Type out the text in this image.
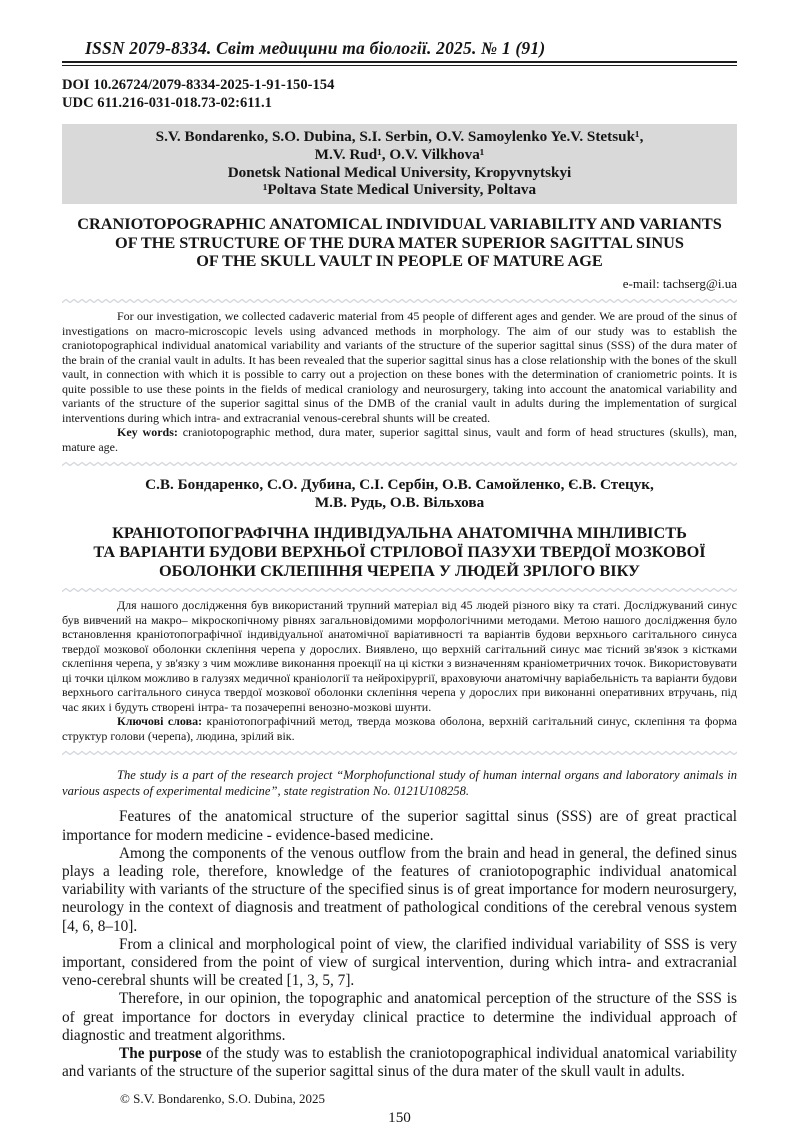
ISSN 2079-8334. Світ медицини та біології. 2025. № 1 (91)
DOI 10.26724/2079-8334-2025-1-91-150-154
UDC 611.216-031-018.73-02:611.1
S.V. Bondarenko, S.O. Dubina, S.I. Serbin, O.V. Samoylenko Ye.V. Stetsuk¹,
M.V. Rud¹, O.V. Vilkhova¹
Donetsk National Medical University, Kropyvnytskyi
¹Poltava State Medical University, Poltava
CRANIOTOPOGRAPHIC ANATOMICAL INDIVIDUAL VARIABILITY AND VARIANTS
OF THE STRUCTURE OF THE DURA MATER SUPERIOR SAGITTAL SINUS
OF THE SKULL VAULT IN PEOPLE OF MATURE AGE
e-mail: tachserg@i.ua

For our investigation, we collected cadaveric material from 45 people of different ages and gender. We are proud of the sinus of investigations on macro-microscopic levels using advanced methods in morphology. The aim of our study was to establish the craniotopographical individual anatomical variability and variants of the structure of the superior sagittal sinus (SSS) of the dura mater of the brain of the cranial vault in adults. It has been revealed that the superior sagittal sinus has a close relationship with the bones of the skull vault, in connection with which it is possible to carry out a projection on these bones with the determination of craniometric points. It is quite possible to use these points in the fields of medical craniology and neurosurgery, taking into account the anatomical variability and variants of the structure of the superior sagittal sinus of the DMB of the cranial vault in adults during the implementation of surgical interventions during which intra- and extracranial venous-cerebral shunts will be created.

Key words: craniotopographic method, dura mater, superior sagittal sinus, vault and form of head structures (skulls), man, mature age.

С.В. Бондаренко, С.О. Дубина, С.І. Сербін, О.В. Самойленко, Є.В. Стецук,
М.В. Рудь, О.В. Вільхова
КРАНІОТОПОГРАФІЧНА ІНДИВІДУАЛЬНА АНАТОМІЧНА МІНЛИВІСТЬ
ТА ВАРІАНТИ БУДОВИ ВЕРХНЬОЇ СТРІЛОВОЇ ПАЗУХИ ТВЕРДОЇ МОЗКОВОЇ
ОБОЛОНКИ СКЛЕПІННЯ ЧЕРЕПА У ЛЮДЕЙ ЗРІЛОГО ВІКУ

Для нашого дослідження був використаний трупний матеріал від 45 людей різного віку та статі. Досліджуваний синус був вивчений на макро– мікроскопічному рівнях загальновідомими морфологічними методами. Метою нашого дослідження було встановлення краніотопографічної індивідуальної анатомічної варіативності та варіантів будови верхнього сагітального синуса твердої мозкової оболонки склепіння черепа у дорослих. Виявлено, що верхній сагітальний синус має тісний зв'язок з кістками склепіння черепа, у зв'язку з чим можливе виконання проекції на ці кістки з визначенням краніометричних точок. Використовувати ці точки цілком можливо в галузях медичної краніології та нейрохірургії, враховуючи анатомічну варіабельність та варіанти будови верхнього сагітального синуса твердої мозкової оболонки склепіння черепа у дорослих при виконанні оперативних втручань, під час яких і будуть створені інтра- та позачерепні венозно-мозкові шунти.

Ключові слова: краніотопографічний метод, тверда мозкова оболона, верхній сагітальний синус, склепіння та форма структур голови (черепа), людина, зрілий вік.

The study is a part of the research project “Morphofunctional study of human internal organs and laboratory animals in various aspects of experimental medicine”, state registration No. 0121U108258.

Features of the anatomical structure of the superior sagittal sinus (SSS) are of great practical importance for modern medicine - evidence-based medicine.

Among the components of the venous outflow from the brain and head in general, the defined sinus plays a leading role, therefore, knowledge of the features of craniotopographic individual anatomical variability with variants of the structure of the specified sinus is of great importance for modern neurosurgery, neurology in the context of diagnosis and treatment of pathological conditions of the cerebral venous system [4, 6, 8–10].

From a clinical and morphological point of view, the clarified individual variability of SSS is very important, considered from the point of view of surgical intervention, during which intra- and extracranial veno-cerebral shunts will be created [1, 3, 5, 7].

Therefore, in our opinion, the topographic and anatomical perception of the structure of the SSS is of great importance for doctors in everyday clinical practice to determine the individual approach of diagnostic and treatment algorithms.

The purpose of the study was to establish the craniotopographical individual anatomical variability and variants of the structure of the superior sagittal sinus of the dura mater of the skull vault in adults.

© S.V. Bondarenko, S.O. Dubina, 2025
150
